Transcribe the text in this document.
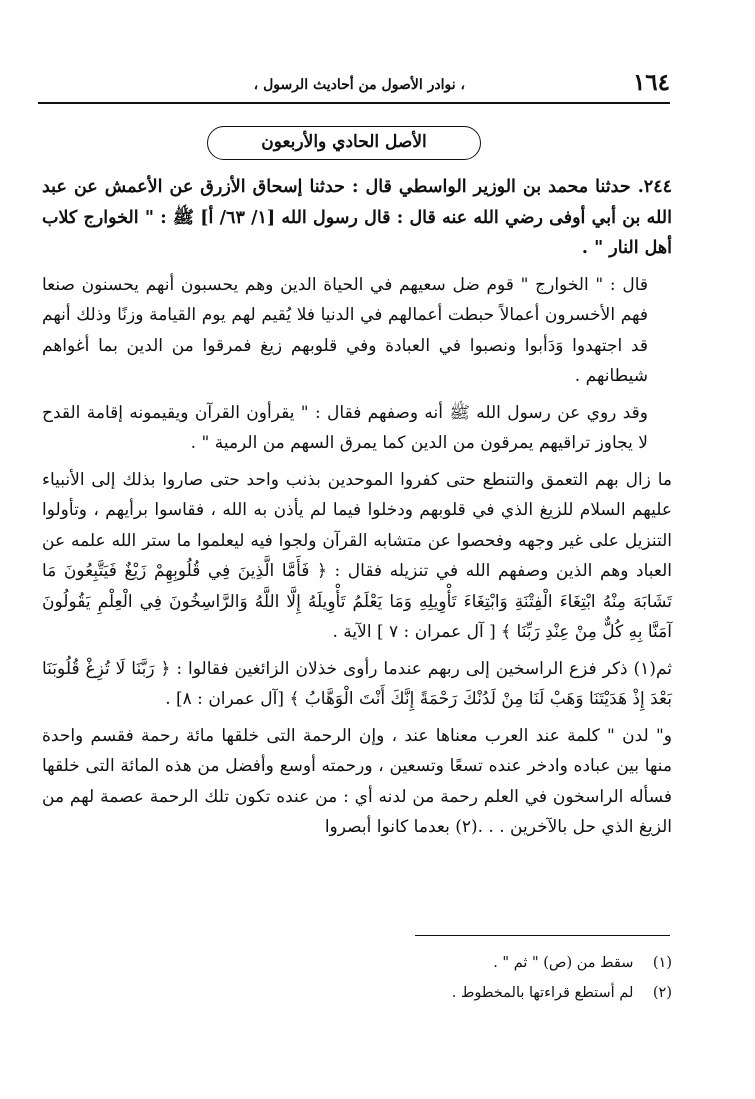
١٦٤
، نوادر الأصول من أحاديث الرسول ،
الأصل الحادي والأربعون

٢٤٤. حدثنا محمد بن الوزير الواسطي قال : حدثنا إسحاق الأزرق عن الأعمش عن عبد الله بن أبي أوفى رضي الله عنه قال : قال رسول الله [١/ ٦٣/ أ] ﷺ : " الخوارج كلاب أهل النار " .

قال : " الخوارج " قوم ضل سعيهم في الحياة الدين وهم يحسبون أنهم يحسنون صنعا فهم الأخسرون أعمالاً حبطت أعمالهم في الدنيا فلا يُقيم لهم يوم القيامة وزنًا وذلك أنهم قد اجتهدوا وَدَأبوا ونصبوا في العبادة وفي قلوبهم زيغ فمرقوا من الدين بما أغواهم شيطانهم .

وقد روي عن رسول الله ﷺ أنه وصفهم فقال : " يقرأون القرآن ويقيمونه إقامة القدح لا يجاوز تراقيهم يمرقون من الدين كما يمرق السهم من الرمية " .

ما زال بهم التعمق والتنطع حتى كفروا الموحدين بذنب واحد حتى صاروا بذلك إلى الأنبياء عليهم السلام للزيغ الذي في قلوبهم ودخلوا فيما لم يأذن به الله ، فقاسوا برأيهم ، وتأولوا التنزيل على غير وجهه وفحصوا عن متشابه القرآن ولجوا فيه ليعلموا ما ستر الله علمه عن العباد وهم الذين وصفهم الله في تنزيله فقال : ﴿ فَأَمَّا الَّذِينَ فِي قُلُوبِهِمْ زَيْغٌ فَيَتَّبِعُونَ مَا تَشَابَهَ مِنْهُ ابْتِغَاءَ الْفِتْنَةِ وَابْتِغَاءَ تَأْوِيلِهِ وَمَا يَعْلَمُ تَأْوِيلَهُ إِلَّا اللَّهُ وَالرَّاسِخُونَ فِي الْعِلْمِ يَقُولُونَ آمَنَّا بِهِ كُلٌّ مِنْ عِنْدِ رَبِّنَا ﴾ [ آل عمران : ٧ ] الآية .

ثم(١) ذكر فزع الراسخين إلى ربهم عندما رأوى خذلان الزائغين فقالوا : ﴿ رَبَّنَا لَا تُزِغْ قُلُوبَنَا بَعْدَ إِذْ هَدَيْتَنَا وَهَبْ لَنَا مِنْ لَدُنْكَ رَحْمَةً إِنَّكَ أَنْتَ الْوَهَّابُ ﴾ [آل عمران : ٨] .

و" لدن " كلمة عند العرب معناها عند ، وإن الرحمة التى خلقها مائة رحمة فقسم واحدة منها بين عباده وادخر عنده تسعًا وتسعين ، ورحمته أوسع وأفضل من هذه المائة التى خلقها فسأله الراسخون في العلم رحمة من لدنه أي : من عنده تكون تلك الرحمة عصمة لهم من الزيغ الذي حل بالآخرين . . .(٢) بعدما كانوا أبصروا

(١) سقط من (ص) " ثم " .
(٢) لم أستطع قراءتها بالمخطوط .
